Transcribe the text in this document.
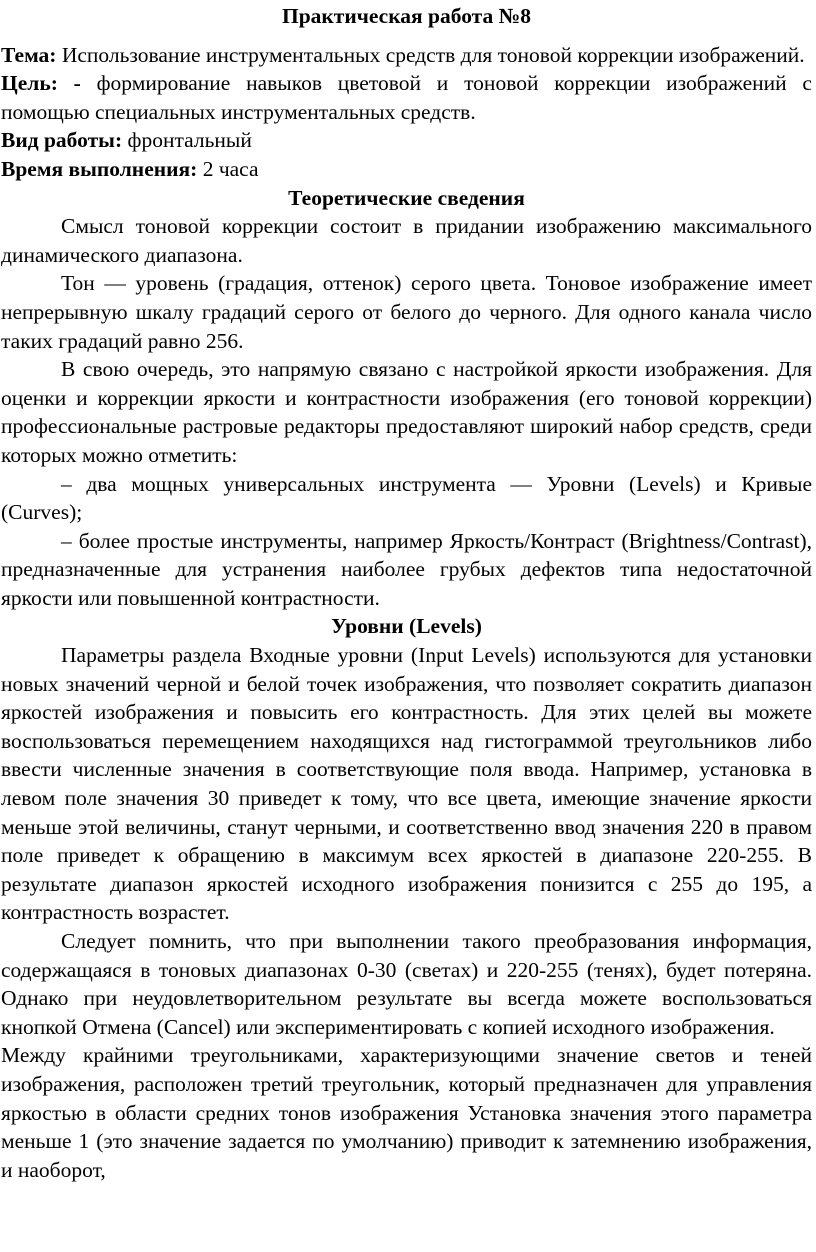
Практическая работа №8

Тема: Использование инструментальных средств для тоновой коррекции изображений.

Цель: - формирование навыков цветовой и тоновой коррекции изображений с помощью специальных инструментальных средств.

Вид работы: фронтальный

Время выполнения: 2 часа

Теоретические сведения

Смысл тоновой коррекции состоит в придании изображению максимального динамического диапазона.

Тон — уровень (градация, оттенок) серого цвета. Тоновое изображение имеет непрерывную шкалу градаций серого от белого до черного. Для одного канала число таких градаций равно 256.

В свою очередь, это напрямую связано с настройкой яркости изображения. Для оценки и коррекции яркости и контрастности изображения (его тоновой коррекции) профессиональные растровые редакторы предоставляют широкий набор средств, среди которых можно отметить:

– два мощных универсальных инструмента — Уровни (Levels) и Кривые (Curves);

– более простые инструменты, например Яркость/Контраст (Brightness/Contrast), предназначенные для устранения наиболее грубых дефектов типа недостаточной яркости или повышенной контрастности.

Уровни (Levels)

Параметры раздела Входные уровни (Input Levels) используются для установки новых значений черной и белой точек изображения, что позволяет сократить диапазон яркостей изображения и повысить его контрастность. Для этих целей вы можете воспользоваться перемещением находящихся над гистограммой треугольников либо ввести численные значения в соответствующие поля ввода. Например, установка в левом поле значения 30 приведет к тому, что все цвета, имеющие значение яркости меньше этой величины, станут черными, и соответственно ввод значения 220 в правом поле приведет к обращению в максимум всех яркостей в диапазоне 220-255. В результате диапазон яркостей исходного изображения понизится с 255 до 195, а контрастность возрастет.

Следует помнить, что при выполнении такого преобразования информация, содержащаяся в тоновых диапазонах 0-30 (светах) и 220-255 (тенях), будет потеряна. Однако при неудовлетворительном результате вы всегда можете воспользоваться кнопкой Отмена (Cancel) или экспериментировать с копией исходного изображения.

Между крайними треугольниками, характеризующими значение светов и теней изображения, расположен третий треугольник, который предназначен для управления яркостью в области средних тонов изображения Установка значения этого параметра меньше 1 (это значение задается по умолчанию) приводит к затемнению изображения, и наоборот,
